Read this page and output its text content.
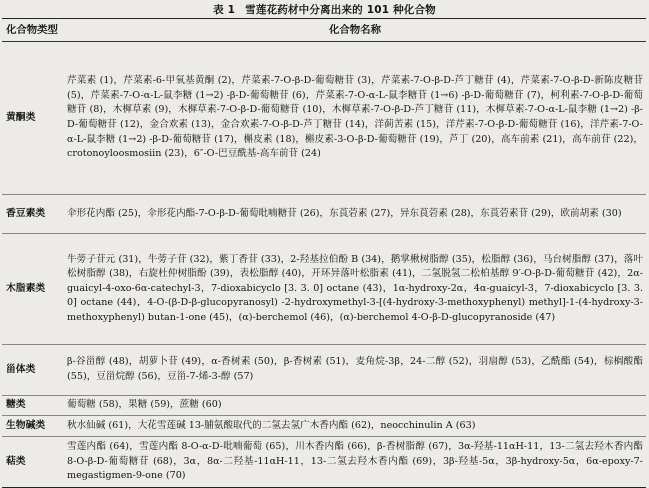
表 1 雪莲花药材中分离出来的 101 种化合物
化合物类型	化合物名称
黄酮类	芹菜素 (1)，芹菜素-6-甲氧基黄酮 (2)，芹菜素-7-O-β-D-葡萄糖苷 (3)，芹菜素-7-O-β-D-芦丁糖苷 (4)，芹菜素-7-O-β-D-新陈皮糖苷 (5)，芹菜素-7-O-α-L-鼠李糖 (1→2) -β-D-葡萄糖苷 (6)，芹菜素-7-O-α-L-鼠李糖苷 (1→6) -β-D-葡萄糖苷 (7)，柯利素-7-O-β-D-葡萄糖苷 (8)，木樨草素 (9)，木樨草素-7-O-β-D-葡萄糖苷 (10)，木樨草素-7-O-β-D-芦丁糖苷 (11)，木樨草素-7-O-α-L-鼠李糖 (1→2) -β-D-葡萄糖苷 (12)，金合欢素 (13)，金合欢素-7-O-β-D-芦丁糖苷 (14)，洋蓟苦素 (15)，洋芹素-7-O-β-D-葡萄糖苷 (16)，洋芹素-7-O-α-L-鼠李糖 (1→2) -β-D-葡萄糖苷 (17)，槲皮素 (18)，槲皮素-3-O-β-D-葡萄糖苷 (19)，芦丁 (20)，高车前素 (21)，高车前苷 (22)，crotonoyloosmosiin (23)，6″-O-巴豆酰基-高车前苷 (24)
香豆素类	伞形花内酯 (25)，伞形花内酯-7-O-β-D-葡萄吡喃糖苷 (26)，东莨菪素 (27)，异东莨菪素 (28)，东莨菪素苷 (29)，欧前胡素 (30)
木脂素类	牛蒡子苷元 (31)，牛蒡子苷 (32)，紫丁香苷 (33)，2-羟基拉伯酚 B (34)，鹅掌楸树脂醇 (35)，松脂醇 (36)，马台树脂醇 (37)，落叶松树脂醇 (38)，右旋杜仲树脂酚 (39)，表松脂醇 (40)，开环异落叶松脂素 (41)，二氢脱氢二松柏基醇 9′-O-β-D-葡萄糖苷 (42)，2α-guaicyl-4-oxo-6α-catechyl-3，7-dioxabicyclo [3. 3. 0] octane (43)，1α-hydroxy-2α，4α-guaicyl-3，7-dioxabicyclo [3. 3. 0] octane (44)，4-O-(β-D-β-glucopyranosyl) -2-hydroxymethyl-3-[(4-hydroxy-3-methoxyphenyl) methyl]-1-(4-hydroxy-3-methoxyphenyl) butan-1-one (45)，(α)-berchemol (46)，(α)-berchemol 4-O-β-D-glucopyranoside (47)
甾体类	β-谷甾醇 (48)，胡萝卜苷 (49)，α-香树素 (50)，β-香树素 (51)，麦角烷-3β，24-二醇 (52)，羽扇醇 (53)，乙酰酯 (54)，棕榈酸酯 (55)，豆甾烷醇 (56)，豆甾-7-烯-3-醇 (57)
糖类	葡萄糖 (58)，果糖 (59)，蔗糖 (60)
生物碱类	秋水仙碱 (61)，大花雪莲碱 13-脯氨酸取代的二氢去氢广木香内酯 (62)，neocchinulin A (63)
萜类	雪莲内酯 (64)，雪莲内酯 8-O-α-D-吡喃葡萄 (65)，川木香内酯 (66)，β-香树脂醇 (67)，3α-羟基-11αH-11，13-二氢去羟木香内酯 8-O-β-D-葡萄糖苷 (68)，3α，8α-二羟基-11αH-11，13-二氢去羟木香内酯 (69)，3β-羟基-5α，3β-hydroxy-5α，6α-epoxy-7-megastigmen-9-one (70)
